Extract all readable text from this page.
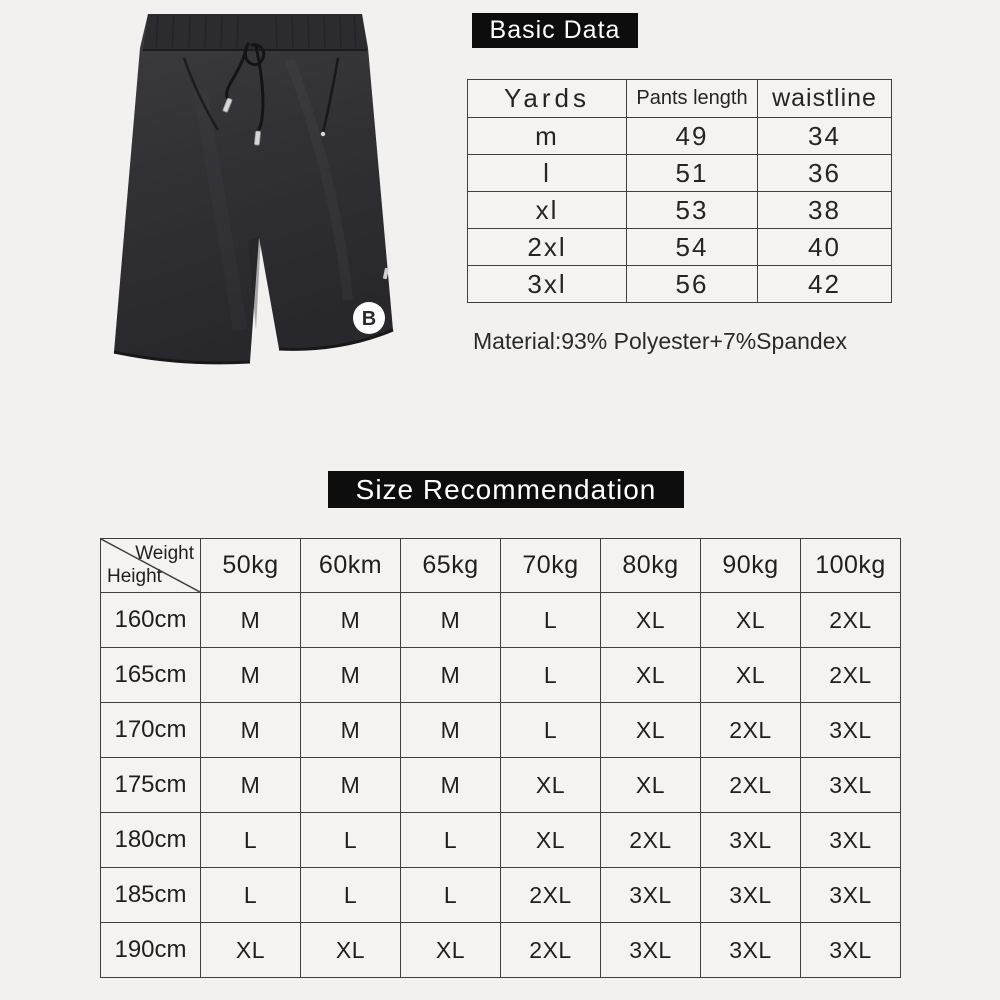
B
Basic Data
Yards	Pants length	waistline
m	49	34
l	51	36
xl	53	38
2xl	54	40
3xl	56	42
Material:93% Polyester+7%Spandex
Size Recommendation
Weight
Height	50kg	60km	65kg	70kg	80kg	90kg	100kg
160cm	M	M	M	L	XL	XL	2XL
165cm	M	M	M	L	XL	XL	2XL
170cm	M	M	M	L	XL	2XL	3XL
175cm	M	M	M	XL	XL	2XL	3XL
180cm	L	L	L	XL	2XL	3XL	3XL
185cm	L	L	L	2XL	3XL	3XL	3XL
190cm	XL	XL	XL	2XL	3XL	3XL	3XL
